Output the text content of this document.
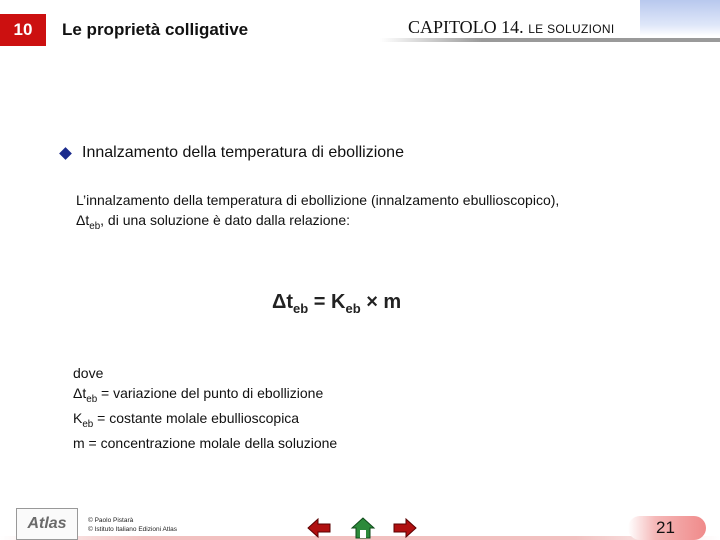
10 Le proprietà colligative	CAPITOLO 14. LE SOLUZIONI
Innalzamento della temperatura di ebollizione
L’innalzamento della temperatura di ebollizione (innalzamento ebullioscopico),
$\Delta t_{eb}$, di una soluzione è dato dalla relazione:
$\Delta t_{eb} = K_{eb} \times m$
dove
$\Delta t_{eb}$ = variazione del punto di ebollizione
$K_{eb}$ = costante molale ebullioscopica
m = concentrazione molale della soluzione
Atlas	© Paolo Pistarà
© Istituto Italiano Edizioni Atlas	21
